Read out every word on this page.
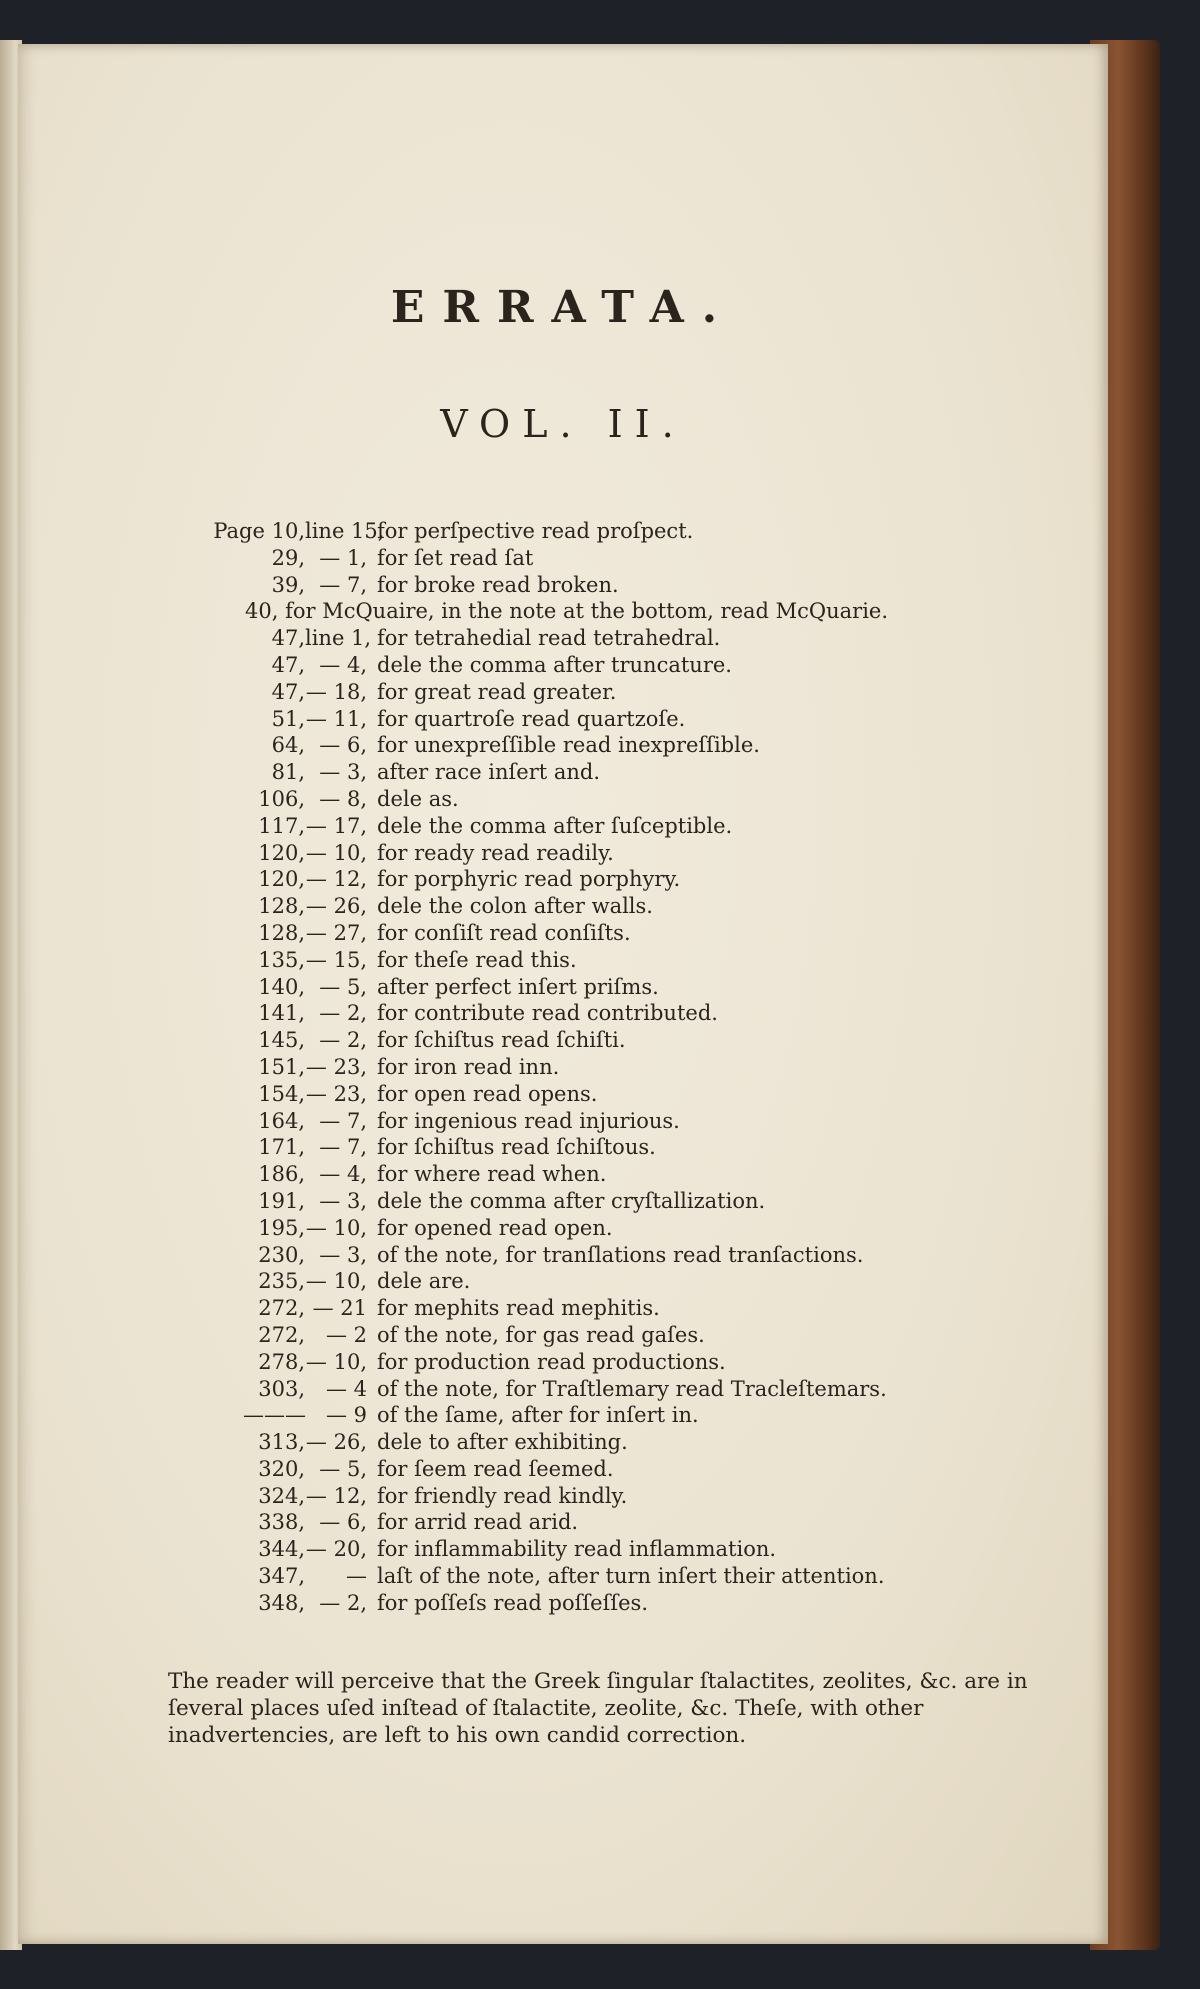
ERRATA.
VOL. II.
Page 10, line 15,
for perſpective read proſpect.
29, — 1, for ſet read ſat
39, — 7, for broke read broken.
40, for McQuaire, in the note at the bottom, read McQuarie.
47, line 1, for tetrahedial read tetrahedral.
47, — 4, dele the comma after truncature.
47, — 18, for great read greater.
51, — 11, for quartroſe read quartzoſe.
64, — 6, for unexpreſſible read inexpreſſible.
81, — 3, after race inſert and.
106, — 8, dele as.
117, — 17, dele the comma after ſuſceptible.
120, — 10, for ready read readily.
120, — 12, for porphyric read porphyry.
128, — 26, dele the colon after walls.
128, — 27, for conſiſt read conſiſts.
135, — 15, for theſe read this.
140, — 5, after perfect inſert priſms.
141, — 2, for contribute read contributed.
145, — 2, for ſchiſtus read ſchiſti.
151, — 23, for iron read inn.
154, — 23, for open read opens.
164, — 7, for ingenious read injurious.
171, — 7, for ſchiſtus read ſchiſtous.
186, — 4, for where read when.
191, — 3, dele the comma after cryſtallization.
195, — 10, for opened read open.
230, — 3, of the note, for tranſlations read tranſactions.
235, — 10, dele are.
272, — 21 for mephits read mephitis.
272, — 2 of the note, for gas read gaſes.
278, — 10, for production read productions.
303, — 4 of the note, for Traſtlemary read Tracleſtemars.
——— — 9 of the ſame, after for inſert in.
313, — 26, dele to after exhibiting.
320, — 5, for ſeem read ſeemed.
324, — 12, for friendly read kindly.
338, — 6, for arrid read arid.
344, — 20, for inflammability read inflammation.
347,	— laſt of the note, after turn inſert their attention.
348, — 2, for poſſeſs read poſſeſſes.
The reader will perceive that the Greek ſingular ſtalactites, zeolites, &c. are in ſeveral places uſed inſtead of ſtalactite, zeolite, &c. Theſe, with other inadvertencies, are left to his own candid correction.
